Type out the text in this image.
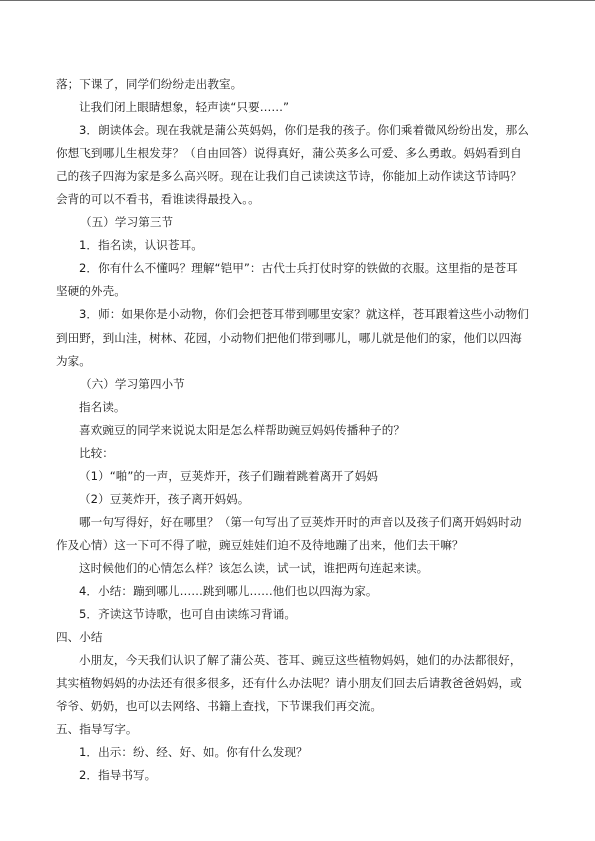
落；下课了，同学们纷纷走出教室。
让我们闭上眼睛想象，轻声读“只要……”
3．朗读体会。现在我就是蒲公英妈妈，你们是我的孩子。你们乘着微风纷纷出发，那么
你想飞到哪儿生根发芽？（自由回答）说得真好，蒲公英多么可爱、多么勇敢。妈妈看到自
己的孩子四海为家是多么高兴呀。现在让我们自己读读这节诗，你能加上动作读这节诗吗？
会背的可以不看书，看谁读得最投入。。
（五）学习第三节
1．指名读，认识苍耳。
2．你有什么不懂吗？理解“铠甲”：古代士兵打仗时穿的铁做的衣服。这里指的是苍耳
坚硬的外壳。
3．师：如果你是小动物，你们会把苍耳带到哪里安家？就这样，苍耳跟着这些小动物们
到田野，到山洼，树林、花园，小动物们把他们带到哪儿，哪儿就是他们的家，他们以四海
为家。
（六）学习第四小节
指名读。
喜欢豌豆的同学来说说太阳是怎么样帮助豌豆妈妈传播种子的？
比较：
（1）“啪”的一声，豆荚炸开，孩子们蹦着跳着离开了妈妈
（2）豆荚炸开，孩子离开妈妈。
哪一句写得好，好在哪里？（第一句写出了豆荚炸开时的声音以及孩子们离开妈妈时动
作及心情）这一下可不得了啦，豌豆娃娃们迫不及待地蹦了出来，他们去干嘛？
这时候他们的心情怎么样？该怎么读，试一试，谁把两句连起来读。
4．小结：蹦到哪儿……跳到哪儿……他们也以四海为家。
5．齐读这节诗歌，也可自由读练习背诵。
四、小结
小朋友，今天我们认识了解了蒲公英、苍耳、豌豆这些植物妈妈，她们的办法都很好，
其实植物妈妈的办法还有很多很多，还有什么办法呢？请小朋友们回去后请教爸爸妈妈，或
爷爷、奶奶，也可以去网络、书籍上查找，下节课我们再交流。
五、指导写字。
1．出示：纷、经、好、如。你有什么发现？
2．指导书写。
